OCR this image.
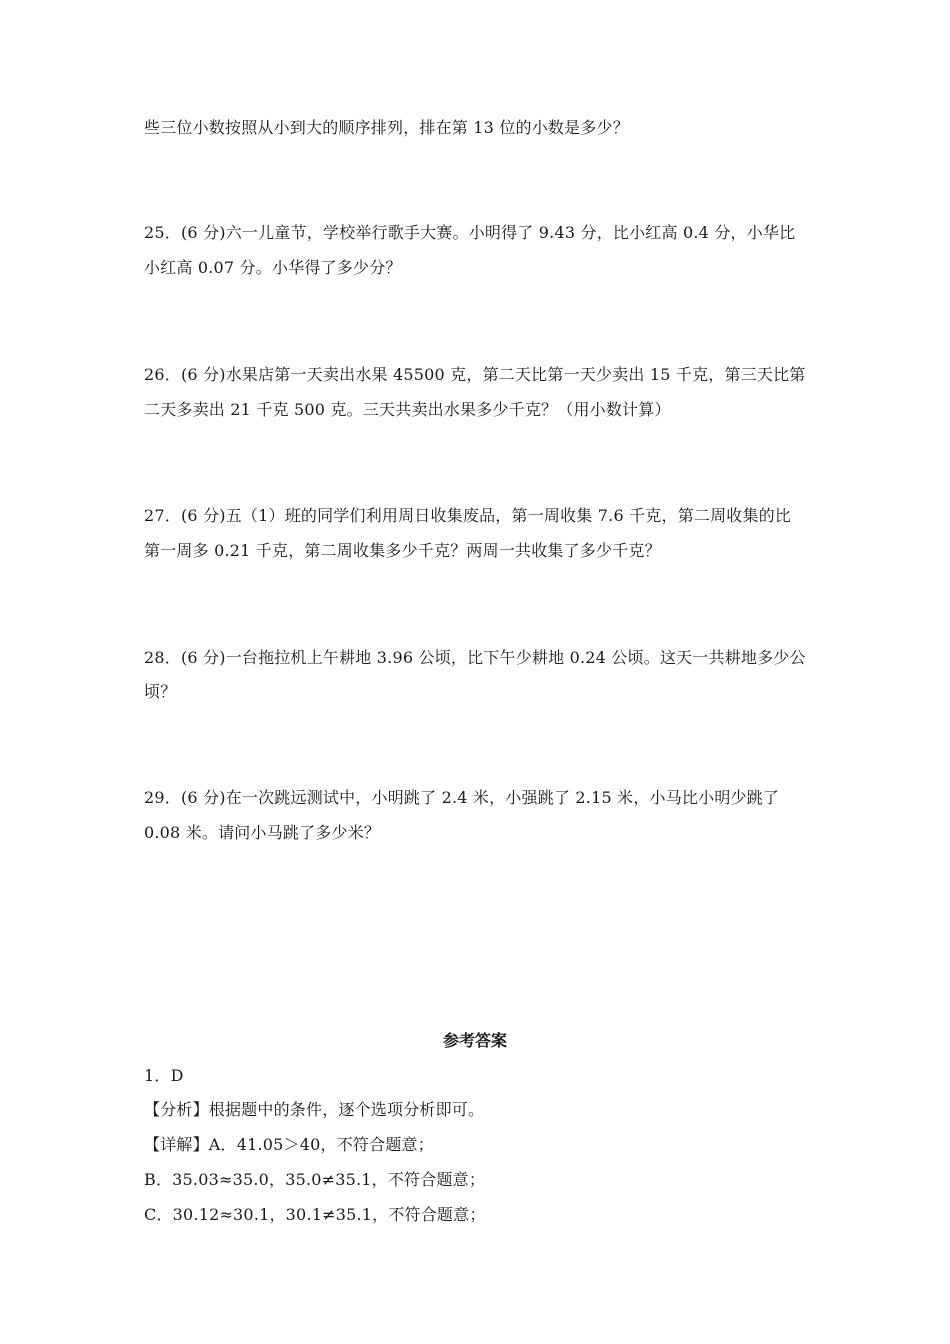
些三位小数按照从小到大的顺序排列，排在第 13 位的小数是多少？
25．(6 分)六一儿童节，学校举行歌手大赛。小明得了 9.43 分，比小红高 0.4 分，小华比
小红高 0.07 分。小华得了多少分？
26．(6 分)水果店第一天卖出水果 45500 克，第二天比第一天少卖出 15 千克，第三天比第
二天多卖出 21 千克 500 克。三天共卖出水果多少千克？（用小数计算）
27．(6 分)五（1）班的同学们利用周日收集废品，第一周收集 7.6 千克，第二周收集的比
第一周多 0.21 千克，第二周收集多少千克？两周一共收集了多少千克？
28．(6 分)一台拖拉机上午耕地 3.96 公顷，比下午少耕地 0.24 公顷。这天一共耕地多少公
顷？
29．(6 分)在一次跳远测试中，小明跳了 2.4 米，小强跳了 2.15 米，小马比小明少跳了
0.08 米。请问小马跳了多少米？
参考答案
1．D
【分析】根据题中的条件，逐个选项分析即可。
【详解】A．41.05＞40，不符合题意；
B．35.03≈35.0，35.0≠35.1，不符合题意；
C．30.12≈30.1，30.1≠35.1，不符合题意；
